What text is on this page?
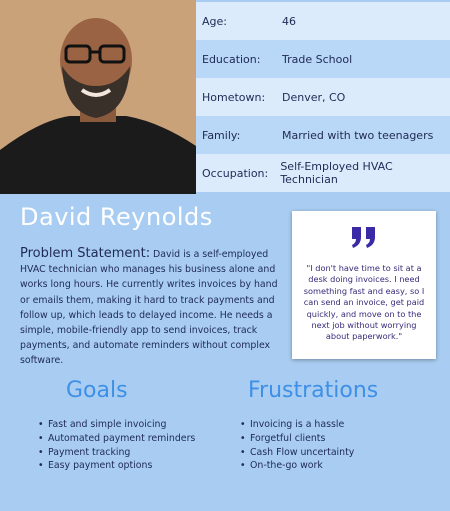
Age:	46
Education:	Trade School
Hometown:	Denver, CO
Family:	Married with two teenagers
Occupation:	Self-Employed HVAC Technician
David Reynolds
Problem Statement: David is a self-employed HVAC technician who manages his business alone and works long hours. He currently writes invoices by hand or emails them, making it hard to track payments and follow up, which leads to delayed income. He needs a simple, mobile-friendly app to send invoices, track payments, and automate reminders without complex software.
"I don't have time to sit at a desk doing invoices. I need something fast and easy, so I can send an invoice, get paid quickly, and move on to the next job without worrying about paperwork."
Goals	Frustrations
• Fast and simple invoicing
• Automated payment reminders
• Payment tracking
• Easy payment options
• Invoicing is a hassle
• Forgetful clients
• Cash Flow uncertainty
• On-the-go work
